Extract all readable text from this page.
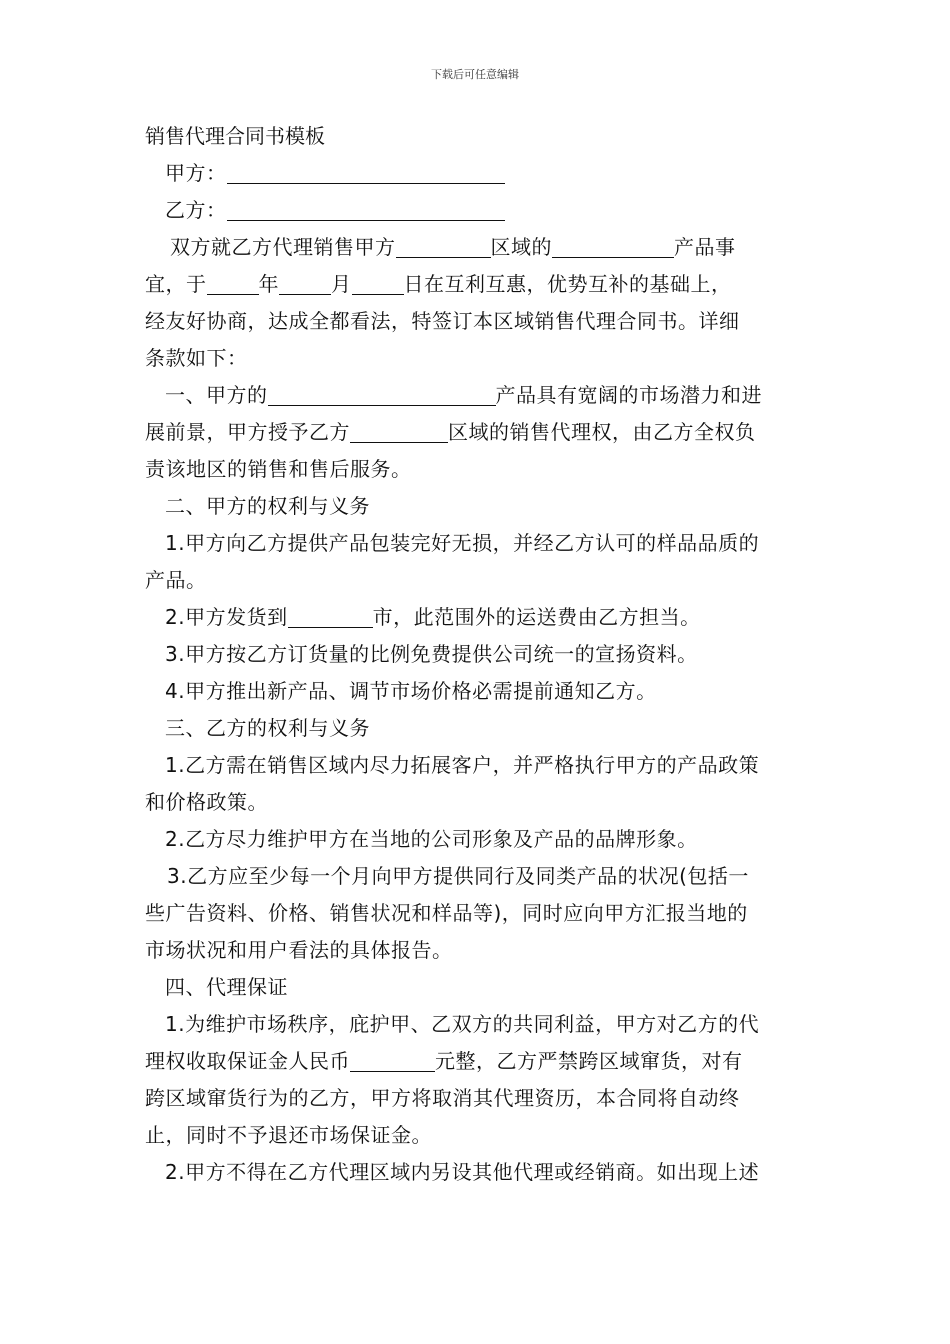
下载后可任意编辑
销售代理合同书模板
甲方：
乙方：
双方就乙方代理销售甲方	区域的	产品事
宜，于	年	月	日在互利互惠，优势互补的基础上，
经友好协商，达成全都看法，特签订本区域销售代理合同书。详细
条款如下：
一、甲方的	产品具有宽阔的市场潜力和进
展前景，甲方授予乙方	区域的销售代理权，由乙方全权负
责该地区的销售和售后服务。
二、甲方的权利与义务
1.甲方向乙方提供产品包装完好无损，并经乙方认可的样品品质的
产品。
2.甲方发货到	市，此范围外的运送费由乙方担当。
3.甲方按乙方订货量的比例免费提供公司统一的宣扬资料。
4.甲方推出新产品、调节市场价格必需提前通知乙方。
三、乙方的权利与义务
1.乙方需在销售区域内尽力拓展客户，并严格执行甲方的产品政策
和价格政策。
2.乙方尽力维护甲方在当地的公司形象及产品的品牌形象。
3.乙方应至少每一个月向甲方提供同行及同类产品的状况(包括一
些广告资料、价格、销售状况和样品等)，同时应向甲方汇报当地的
市场状况和用户看法的具体报告。
四、代理保证
1.为维护市场秩序，庇护甲、乙双方的共同利益，甲方对乙方的代
理权收取保证金人民币	元整，乙方严禁跨区域窜货，对有
跨区域窜货行为的乙方，甲方将取消其代理资历，本合同将自动终
止，同时不予退还市场保证金。
2.甲方不得在乙方代理区域内另设其他代理或经销商。如出现上述
